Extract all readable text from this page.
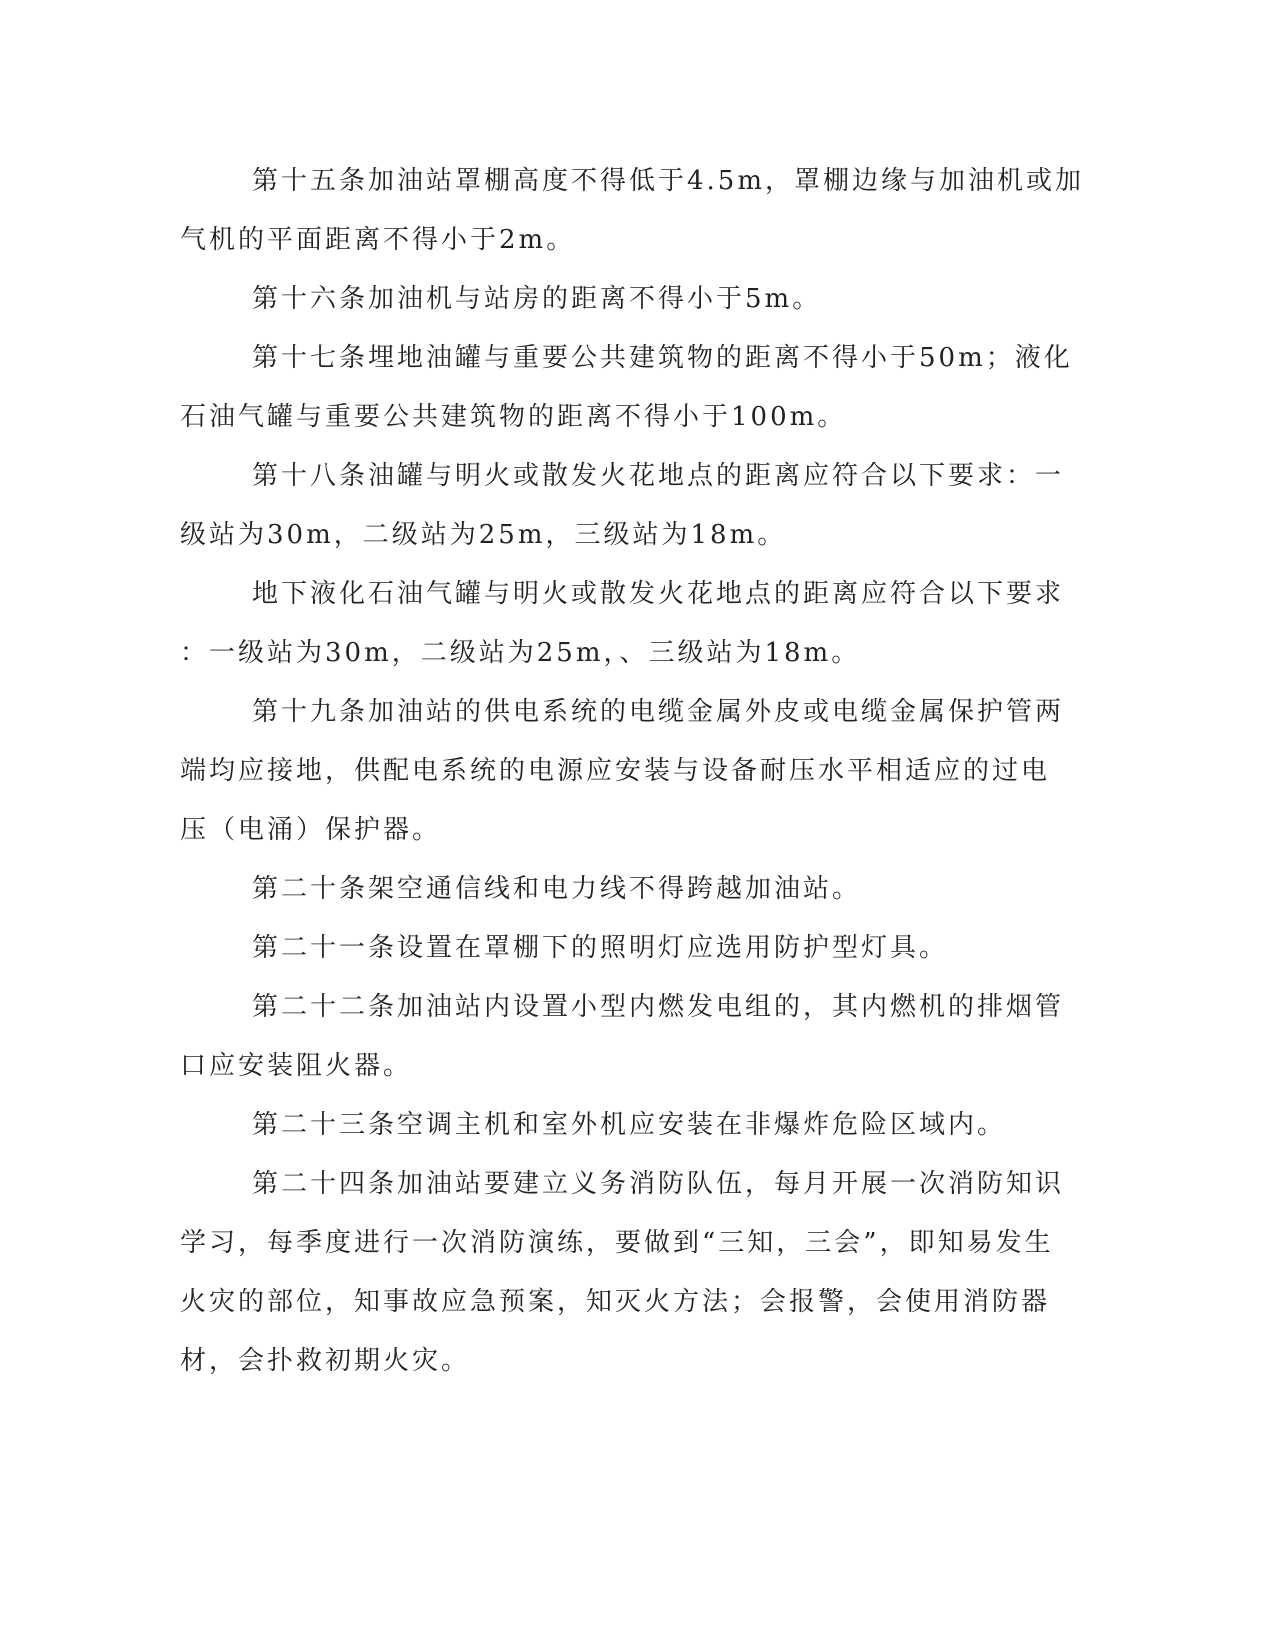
第十五条加油站罩棚高度不得低于4.5m，罩棚边缘与加油机或加
气机的平面距离不得小于2m。
第十六条加油机与站房的距离不得小于5m。
第十七条埋地油罐与重要公共建筑物的距离不得小于50m；液化
石油气罐与重要公共建筑物的距离不得小于100m。
第十八条油罐与明火或散发火花地点的距离应符合以下要求：一
级站为30m，二级站为25m，三级站为18m。
地下液化石油气罐与明火或散发火花地点的距离应符合以下要求
：一级站为30m，二级站为25m，、三级站为18m。
第十九条加油站的供电系统的电缆金属外皮或电缆金属保护管两
端均应接地，供配电系统的电源应安装与设备耐压水平相适应的过电
压（电涌）保护器。
第二十条架空通信线和电力线不得跨越加油站。
第二十一条设置在罩棚下的照明灯应选用防护型灯具。
第二十二条加油站内设置小型内燃发电组的，其内燃机的排烟管
口应安装阻火器。
第二十三条空调主机和室外机应安装在非爆炸危险区域内。
第二十四条加油站要建立义务消防队伍，每月开展一次消防知识
学习，每季度进行一次消防演练，要做到“三知，三会”，即知易发生
火灾的部位，知事故应急预案，知灭火方法；会报警，会使用消防器
材，会扑救初期火灾。
